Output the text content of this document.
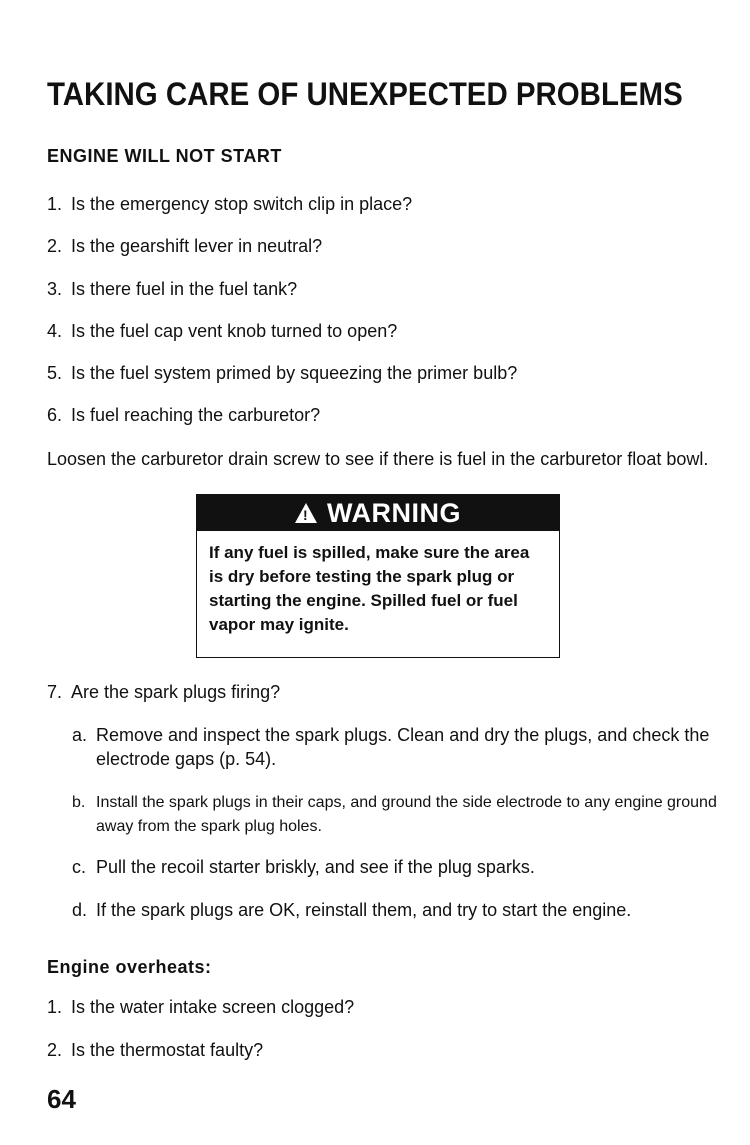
TAKING CARE OF UNEXPECTED PROBLEMS
ENGINE WILL NOT START
1. Is the emergency stop switch clip in place?
2. Is the gearshift lever in neutral?
3. Is there fuel in the fuel tank?
4. Is the fuel cap vent knob turned to open?
5. Is the fuel system primed by squeezing the primer bulb?
6. Is fuel reaching the carburetor?

Loosen the carburetor drain screw to see if there is fuel in the carburetor float bowl.

!
WARNING
If any fuel is spilled, make sure the area is dry before testing the spark plug or starting the engine. Spilled fuel or fuel vapor may ignite.
7. Are the spark plugs firing?
a. Remove and inspect the spark plugs. Clean and dry the plugs, and check the electrode gaps (p. 54).
b. Install the spark plugs in their caps, and ground the side electrode to any engine ground away from the spark plug holes.
c. Pull the recoil starter briskly, and see if the plug sparks.
d. If the spark plugs are OK, reinstall them, and try to start the engine.
Engine overheats:
1. Is the water intake screen clogged?
2. Is the thermostat faulty?
64
